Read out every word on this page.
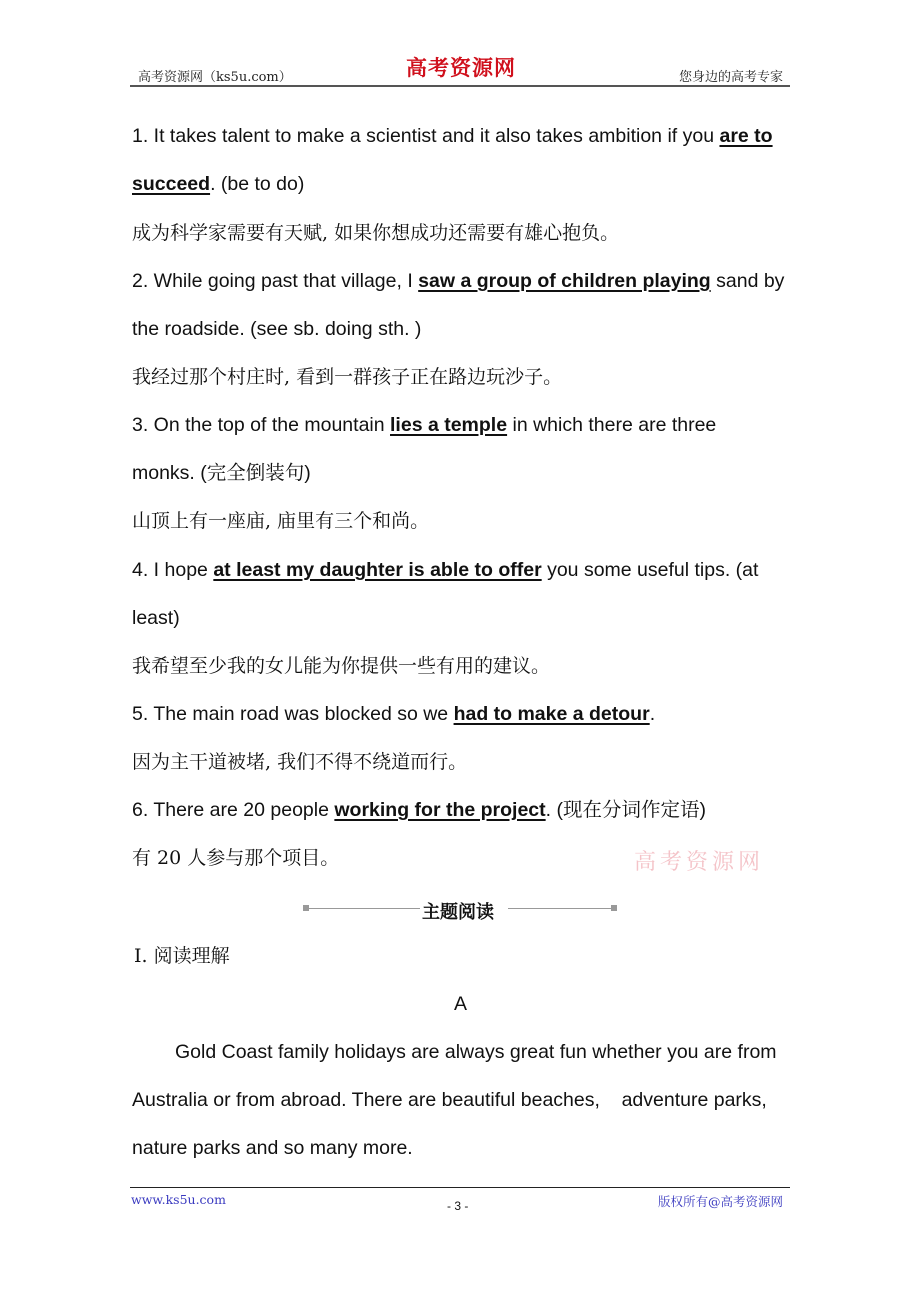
高考资源网（ks5u.com）	高考资源网	您身边的高考专家
1. It takes talent to make a scientist and it also takes ambition if you are to
succeed. (be to do)
成为科学家需要有天赋, 如果你想成功还需要有雄心抱负。
2. While going past that village, I saw a group of children playing sand by
the roadside. (see sb. doing sth. )
我经过那个村庄时, 看到一群孩子正在路边玩沙子。
3. On the top of the mountain lies a temple in which there are three
monks. (完全倒装句)
山顶上有一座庙, 庙里有三个和尚。
4. I hope at least my daughter is able to offer you some useful tips. (at
least)
我希望至少我的女儿能为你提供一些有用的建议。
5. The main road was blocked so we had to make a detour.
因为主干道被堵, 我们不得不绕道而行。
6. There are 20 people working for the project. (现在分词作定语)
有 20 人参与那个项目。	高考资源网
主题阅读
Ⅰ. 阅读理解
A
Gold Coast family holidays are always great fun whether you are from
Australia or from abroad. There are beautiful beaches,    adventure parks,
nature parks and so many more.
www.ks5u.com	- 3 -	版权所有@高考资源网
